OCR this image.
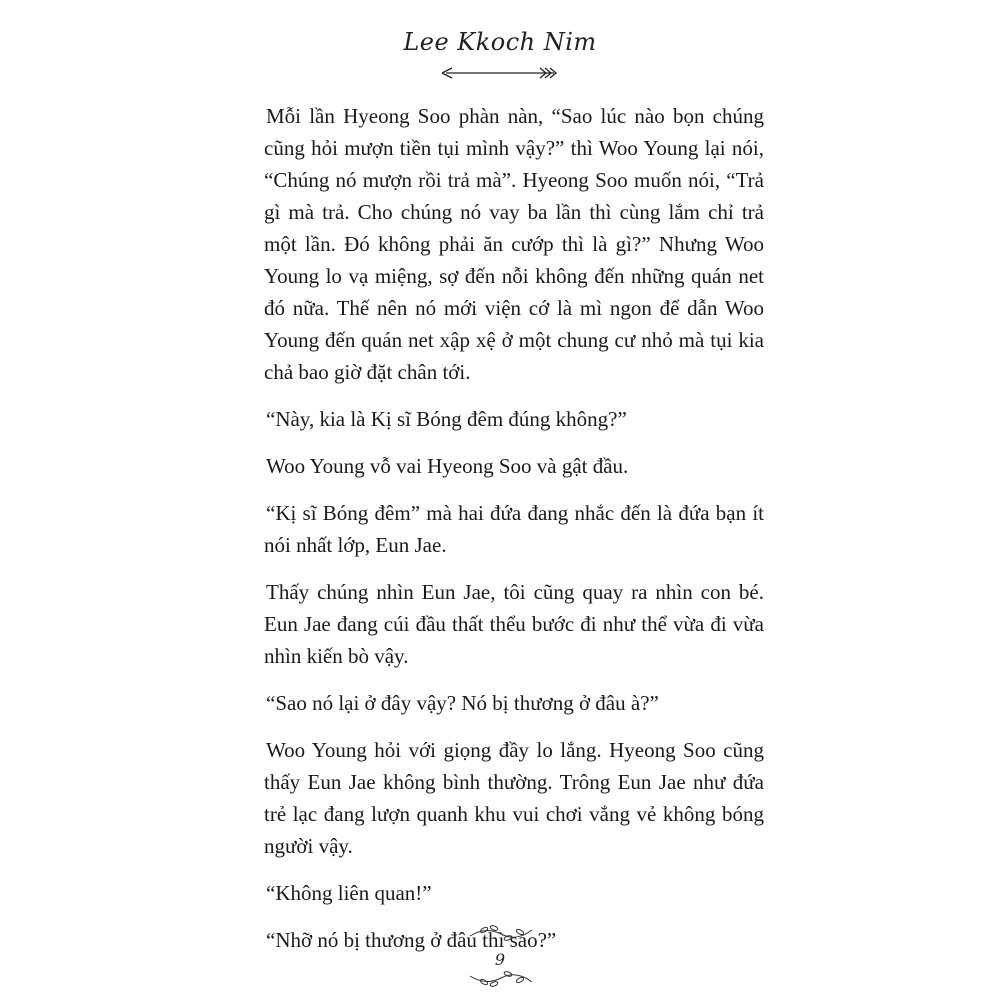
Lee Kkoch Nim

Mỗi lần Hyeong Soo phàn nàn, “Sao lúc nào bọn chúng cũng hỏi mượn tiền tụi mình vậy?” thì Woo Young lại nói, “Chúng nó mượn rồi trả mà”. Hyeong Soo muốn nói, “Trả gì mà trả. Cho chúng nó vay ba lần thì cùng lắm chỉ trả một lần. Đó không phải ăn cướp thì là gì?” Nhưng Woo Young lo vạ miệng, sợ đến nỗi không đến những quán net đó nữa. Thế nên nó mới viện cớ là mì ngon để dẫn Woo Young đến quán net xập xệ ở một chung cư nhỏ mà tụi kia chả bao giờ đặt chân tới.

“Này, kia là Kị sĩ Bóng đêm đúng không?”

Woo Young vỗ vai Hyeong Soo và gật đầu.

“Kị sĩ Bóng đêm” mà hai đứa đang nhắc đến là đứa bạn ít nói nhất lớp, Eun Jae.

Thấy chúng nhìn Eun Jae, tôi cũng quay ra nhìn con bé. Eun Jae đang cúi đầu thất thểu bước đi như thể vừa đi vừa nhìn kiến bò vậy.

“Sao nó lại ở đây vậy? Nó bị thương ở đâu à?”

Woo Young hỏi với giọng đầy lo lắng. Hyeong Soo cũng thấy Eun Jae không bình thường. Trông Eun Jae như đứa trẻ lạc đang lượn quanh khu vui chơi vắng vẻ không bóng người vậy.

“Không liên quan!”

“Nhỡ nó bị thương ở đâu thì sao?”

9
